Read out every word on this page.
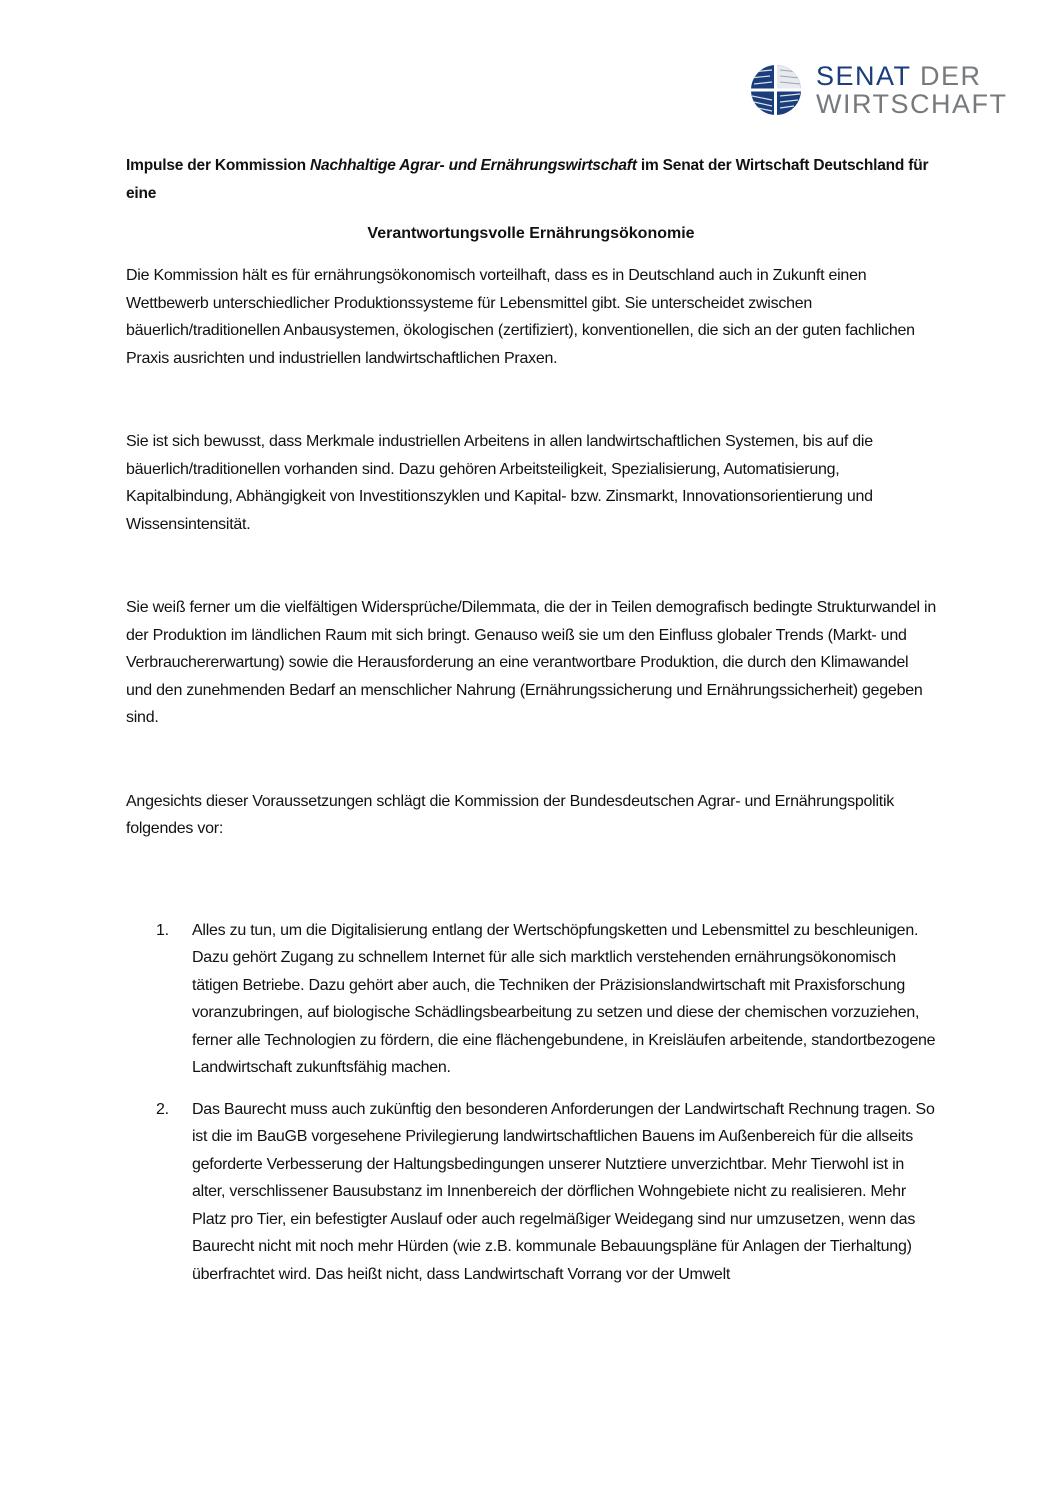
SENAT DER
WIRTSCHAFT

Impulse der Kommission Nachhaltige Agrar- und Ernährungswirtschaft im Senat der Wirtschaft Deutschland für eine

Verantwortungsvolle Ernährungsökonomie

Die Kommission hält es für ernährungsökonomisch vorteilhaft, dass es in Deutschland auch in Zukunft einen Wettbewerb unterschiedlicher Produktionssysteme für Lebensmittel gibt. Sie unterscheidet zwischen bäuerlich/traditionellen Anbausystemen, ökologischen (zertifiziert), konventionellen, die sich an der guten fachlichen Praxis ausrichten und industriellen landwirtschaftlichen Praxen.

Sie ist sich bewusst, dass Merkmale industriellen Arbeitens in allen landwirtschaftlichen Systemen, bis auf die bäuerlich/traditionellen vorhanden sind. Dazu gehören Arbeitsteiligkeit, Spezialisierung, Automatisierung, Kapitalbindung, Abhängigkeit von Investitionszyklen und Kapital- bzw. Zinsmarkt, Innovationsorientierung und Wissensintensität.

Sie weiß ferner um die vielfältigen Widersprüche/Dilemmata, die der in Teilen demografisch bedingte Strukturwandel in der Produktion im ländlichen Raum mit sich bringt. Genauso weiß sie um den Einfluss globaler Trends (Markt- und Verbrauchererwartung) sowie die Herausforderung an eine verantwortbare Produktion, die durch den Klimawandel und den zunehmenden Bedarf an menschlicher Nahrung (Ernährungssicherung und Ernährungssicherheit) gegeben sind.

Angesichts dieser Voraussetzungen schlägt die Kommission der Bundesdeutschen Agrar- und Ernährungspolitik folgendes vor:

1.	Alles zu tun, um die Digitalisierung entlang der Wertschöpfungsketten und Lebensmittel zu beschleunigen. Dazu gehört Zugang zu schnellem Internet für alle sich marktlich verstehenden ernährungsökonomisch tätigen Betriebe. Dazu gehört aber auch, die Techniken der Präzisionslandwirtschaft mit Praxisforschung voranzubringen, auf biologische Schädlingsbearbeitung zu setzen und diese der chemischen vorzuziehen, ferner alle Technologien zu fördern, die eine flächengebundene, in Kreisläufen arbeitende, standortbezogene Landwirtschaft zukunftsfähig machen.
2.	Das Baurecht muss auch zukünftig den besonderen Anforderungen der Landwirtschaft Rechnung tragen. So ist die im BauGB vorgesehene Privilegierung landwirtschaftlichen Bauens im Außenbereich für die allseits geforderte Verbesserung der Haltungsbedingungen unserer Nutztiere unverzichtbar. Mehr Tierwohl ist in alter, verschlissener Bausubstanz im Innenbereich der dörflichen Wohngebiete nicht zu realisieren. Mehr Platz pro Tier, ein befestigter Auslauf oder auch regelmäßiger Weidegang sind nur umzusetzen, wenn das Baurecht nicht mit noch mehr Hürden (wie z.B. kommunale Bebauungspläne für Anlagen der Tierhaltung) überfrachtet wird. Das heißt nicht, dass Landwirtschaft Vorrang vor der Umwelt
